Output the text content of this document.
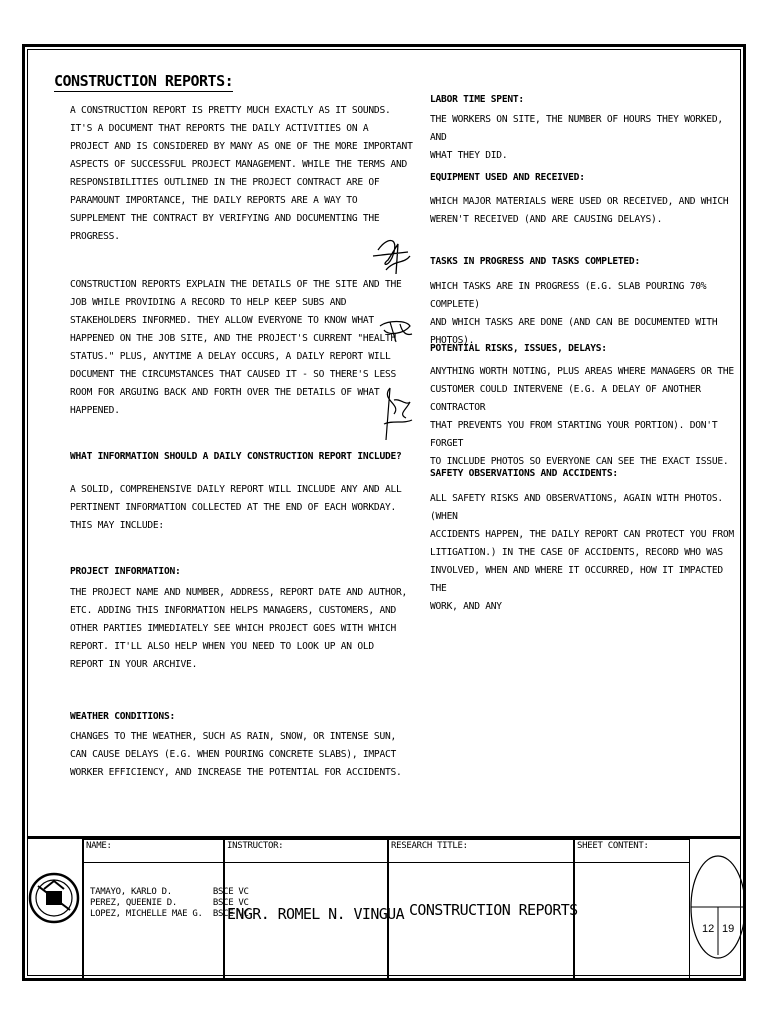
CONSTRUCTION REPORTS:
A CONSTRUCTION REPORT IS PRETTY MUCH EXACTLY AS IT SOUNDS.
IT'S A DOCUMENT THAT REPORTS THE DAILY ACTIVITIES ON A
PROJECT AND IS CONSIDERED BY MANY AS ONE OF THE MORE IMPORTANT
ASPECTS OF SUCCESSFUL PROJECT MANAGEMENT. WHILE THE TERMS AND
RESPONSIBILITIES OUTLINED IN THE PROJECT CONTRACT ARE OF
PARAMOUNT IMPORTANCE, THE DAILY REPORTS ARE A WAY TO
SUPPLEMENT THE CONTRACT BY VERIFYING AND DOCUMENTING THE
PROGRESS.
CONSTRUCTION REPORTS EXPLAIN THE DETAILS OF THE SITE AND THE
JOB WHILE PROVIDING A RECORD TO HELP KEEP SUBS AND
STAKEHOLDERS INFORMED. THEY ALLOW EVERYONE TO KNOW WHAT
HAPPENED ON THE JOB SITE, AND THE PROJECT'S CURRENT "HEALTH
STATUS." PLUS, ANYTIME A DELAY OCCURS, A DAILY REPORT WILL
DOCUMENT THE CIRCUMSTANCES THAT CAUSED IT - SO THERE'S LESS
ROOM FOR ARGUING BACK AND FORTH OVER THE DETAILS OF WHAT
HAPPENED.
WHAT INFORMATION SHOULD A DAILY CONSTRUCTION REPORT INCLUDE?
A SOLID, COMPREHENSIVE DAILY REPORT WILL INCLUDE ANY AND ALL
PERTINENT INFORMATION COLLECTED AT THE END OF EACH WORKDAY.
THIS MAY INCLUDE:
PROJECT INFORMATION:
THE PROJECT NAME AND NUMBER, ADDRESS, REPORT DATE AND AUTHOR,
ETC. ADDING THIS INFORMATION HELPS MANAGERS, CUSTOMERS, AND
OTHER PARTIES IMMEDIATELY SEE WHICH PROJECT GOES WITH WHICH
REPORT. IT'LL ALSO HELP WHEN YOU NEED TO LOOK UP AN OLD
REPORT IN YOUR ARCHIVE.
WEATHER CONDITIONS:
CHANGES TO THE WEATHER, SUCH AS RAIN, SNOW, OR INTENSE SUN,
CAN CAUSE DELAYS (E.G. WHEN POURING CONCRETE SLABS), IMPACT
WORKER EFFICIENCY, AND INCREASE THE POTENTIAL FOR ACCIDENTS.
LABOR TIME SPENT:
THE WORKERS ON SITE, THE NUMBER OF HOURS THEY WORKED, AND
WHAT THEY DID.
EQUIPMENT USED AND RECEIVED:
WHICH MAJOR MATERIALS WERE USED OR RECEIVED, AND WHICH
WEREN'T RECEIVED (AND ARE CAUSING DELAYS).
TASKS IN PROGRESS AND TASKS COMPLETED:
WHICH TASKS ARE IN PROGRESS (E.G. SLAB POURING 70% COMPLETE)
AND WHICH TASKS ARE DONE (AND CAN BE DOCUMENTED WITH PHOTOS).
POTENTIAL RISKS, ISSUES, DELAYS:
ANYTHING WORTH NOTING, PLUS AREAS WHERE MANAGERS OR THE
CUSTOMER COULD INTERVENE (E.G. A DELAY OF ANOTHER CONTRACTOR
THAT PREVENTS YOU FROM STARTING YOUR PORTION). DON'T FORGET
TO INCLUDE PHOTOS SO EVERYONE CAN SEE THE EXACT ISSUE.
SAFETY OBSERVATIONS AND ACCIDENTS:
ALL SAFETY RISKS AND OBSERVATIONS, AGAIN WITH PHOTOS. (WHEN
ACCIDENTS HAPPEN, THE DAILY REPORT CAN PROTECT YOU FROM
LITIGATION.) IN THE CASE OF ACCIDENTS, RECORD WHO WAS
INVOLVED, WHEN AND WHERE IT OCCURRED, HOW IT IMPACTED THE
WORK, AND ANY
NAME:
TAMAYO, KARLO D.        BSCE VC
PEREZ, QUEENIE D.       BSCE VC
LOPEZ, MICHELLE MAE G.  BSCE VC
INSTRUCTOR:
ENGR. ROMEL N. VINGUA
RESEARCH TITLE:
CONSTRUCTION REPORTS
SHEET CONTENT:
12 19
